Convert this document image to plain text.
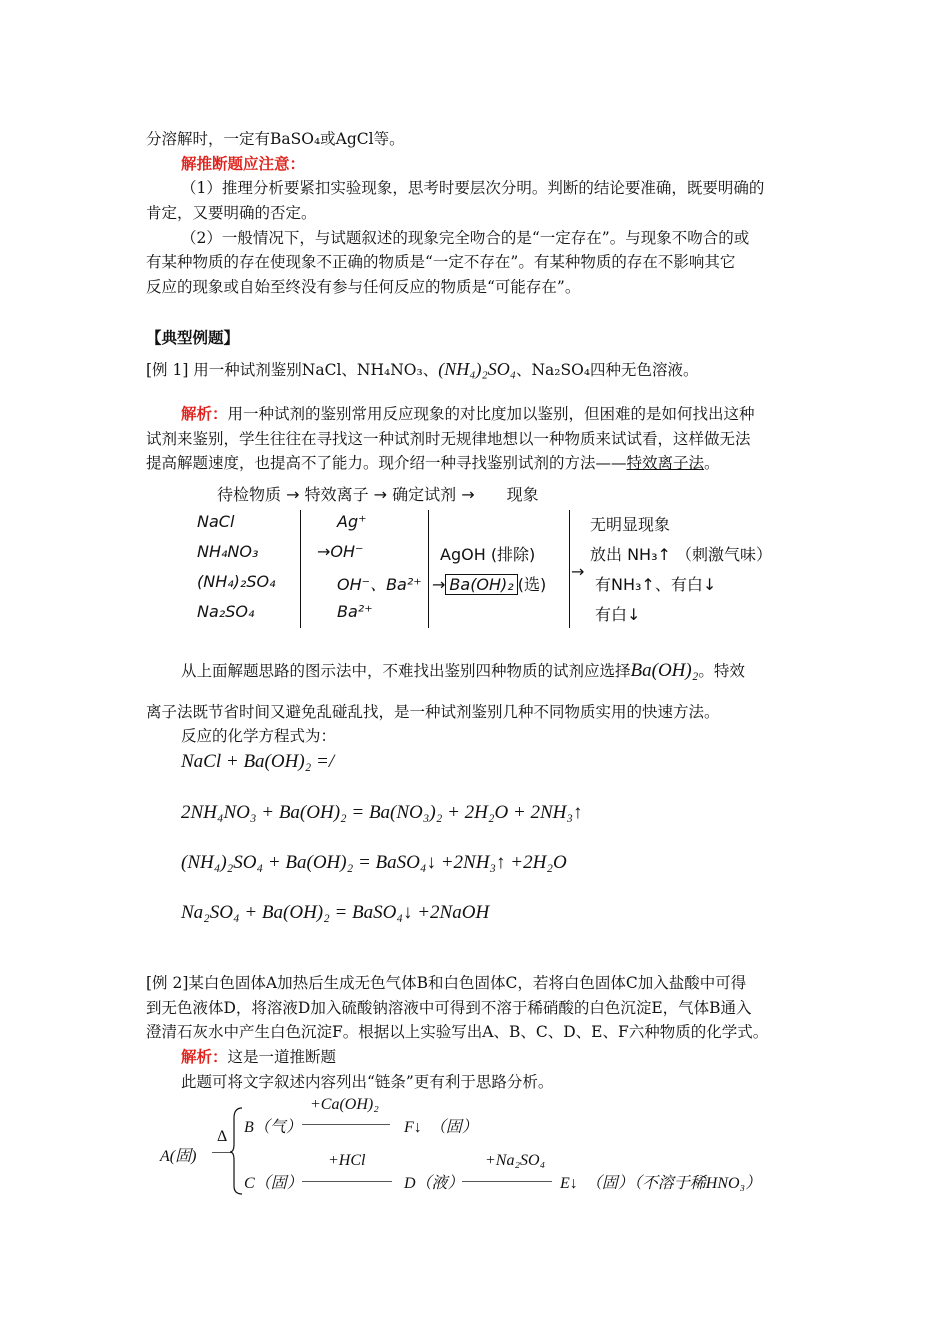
分溶解时，一定有BaSO₄或AgCl等。
解推断题应注意：
（1）推理分析要紧扣实验现象，思考时要层次分明。判断的结论要准确，既要明确的
肯定，又要明确的否定。
（2）一般情况下，与试题叙述的现象完全吻合的是“一定存在”。与现象不吻合的或
有某种物质的存在使现象不正确的物质是“一定不存在”。有某种物质的存在不影响其它
反应的现象或自始至终没有参与任何反应的物质是“可能存在”。
【典型例题】
[例 1] 用一种试剂鉴别NaCl、NH₄NO₃、(NH₄)₂SO₄、Na₂SO₄四种无色溶液。
解析：用一种试剂的鉴别常用反应现象的对比度加以鉴别，但困难的是如何找出这种
试剂来鉴别，学生往往在寻找这一种试剂时无规律地想以一种物质来试试看，这样做无法
提高解题速度，也提高不了能力。现介绍一种寻找鉴别试剂的方法——特效离子法。
待检物质 → 特效离子 → 确定试剂 →　　现象
NaCl
NH₄NO₃
(NH₄)₂SO₄
Na₂SO₄
Ag⁺
→OH⁻
OH⁻、Ba²⁺
Ba²⁺
AgOH (排除)
→ Ba(OH)₂ (选)
→
无明显现象
放出 NH₃↑ （刺激气味）
有NH₃↑、有白↓
有白↓
从上面解题思路的图示法中，不难找出鉴别四种物质的试剂应选择Ba(OH)₂。特效
离子法既节省时间又避免乱碰乱找，是一种试剂鉴别几种不同物质实用的快速方法。
反应的化学方程式为：
NaCl + Ba(OH)₂ =/
2NH₄NO₃ + Ba(OH)₂ = Ba(NO₃)₂ + 2H₂O + 2NH₃↑
(NH₄)₂SO₄ + Ba(OH)₂ = BaSO₄↓ +2NH₃↑ +2H₂O
Na₂SO₄ + Ba(OH)₂ = BaSO₄↓ +2NaOH
[例 2]某白色固体A加热后生成无色气体B和白色固体C，若将白色固体C加入盐酸中可得
到无色液体D，将溶液D加入硫酸钠溶液中可得到不溶于稀硝酸的白色沉淀E，气体B通入
澄清石灰水中产生白色沉淀F。根据以上实验写出A、B、C、D、E、F六种物质的化学式。
解析：这是一道推断题
此题可将文字叙述内容列出“链条”更有利于思路分析。
A(固)
Δ
B（气）
+Ca(OH)₂
F↓　（固）
C（固）
+HCl
D（液）
+Na₂SO₄
E↓　（固）（不溶于稀HNO₃）
